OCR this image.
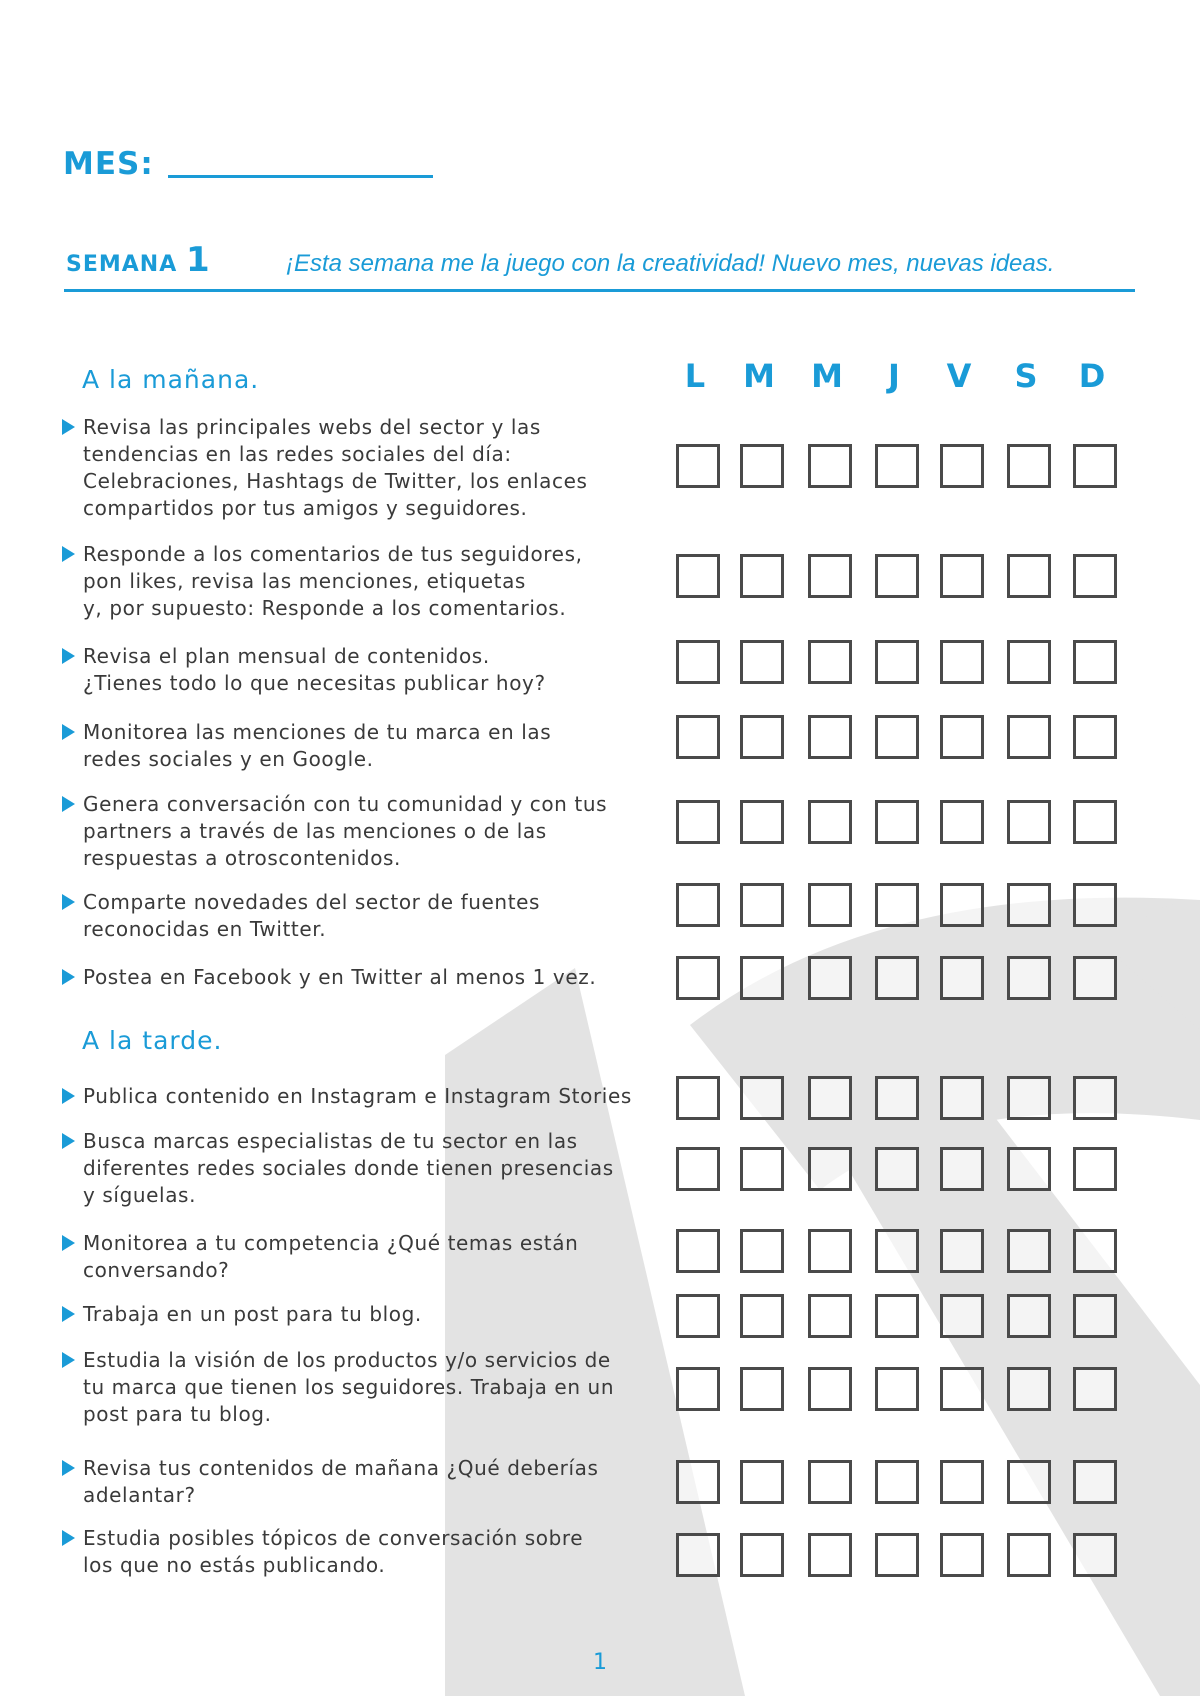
MES:
SEMANA 1	¡Esta semana me la juego con la creatividad! Nuevo mes, nuevas ideas.
A la mañana.	L	M M	J	V	S	D
Revisa las principales webs del sector y las
tendencias en las redes sociales del día:
Celebraciones, Hashtags de Twitter, los enlaces
compartidos por tus amigos y seguidores.
Responde a los comentarios de tus seguidores,
pon likes, revisa las menciones, etiquetas
y, por supuesto: Responde a los comentarios.
Revisa el plan mensual de contenidos.
¿Tienes todo lo que necesitas publicar hoy?
Monitorea las menciones de tu marca en las
redes sociales y en Google.
Genera conversación con tu comunidad y con tus
partners a través de las menciones o de las
respuestas a otroscontenidos.
Comparte novedades del sector de fuentes
reconocidas en Twitter.
Postea en Facebook y en Twitter al menos 1 vez.
A la tarde.
Publica contenido en Instagram e Instagram Stories
Busca marcas especialistas de tu sector en las
diferentes redes sociales donde tienen presencias
y síguelas.
Monitorea a tu competencia ¿Qué temas están
conversando?
Trabaja en un post para tu blog.
Estudia la visión de los productos y/o servicios de
tu marca que tienen los seguidores. Trabaja en un
post para tu blog.
Revisa tus contenidos de mañana ¿Qué deberías
adelantar?
Estudia posibles tópicos de conversación sobre
los que no estás publicando.
1
